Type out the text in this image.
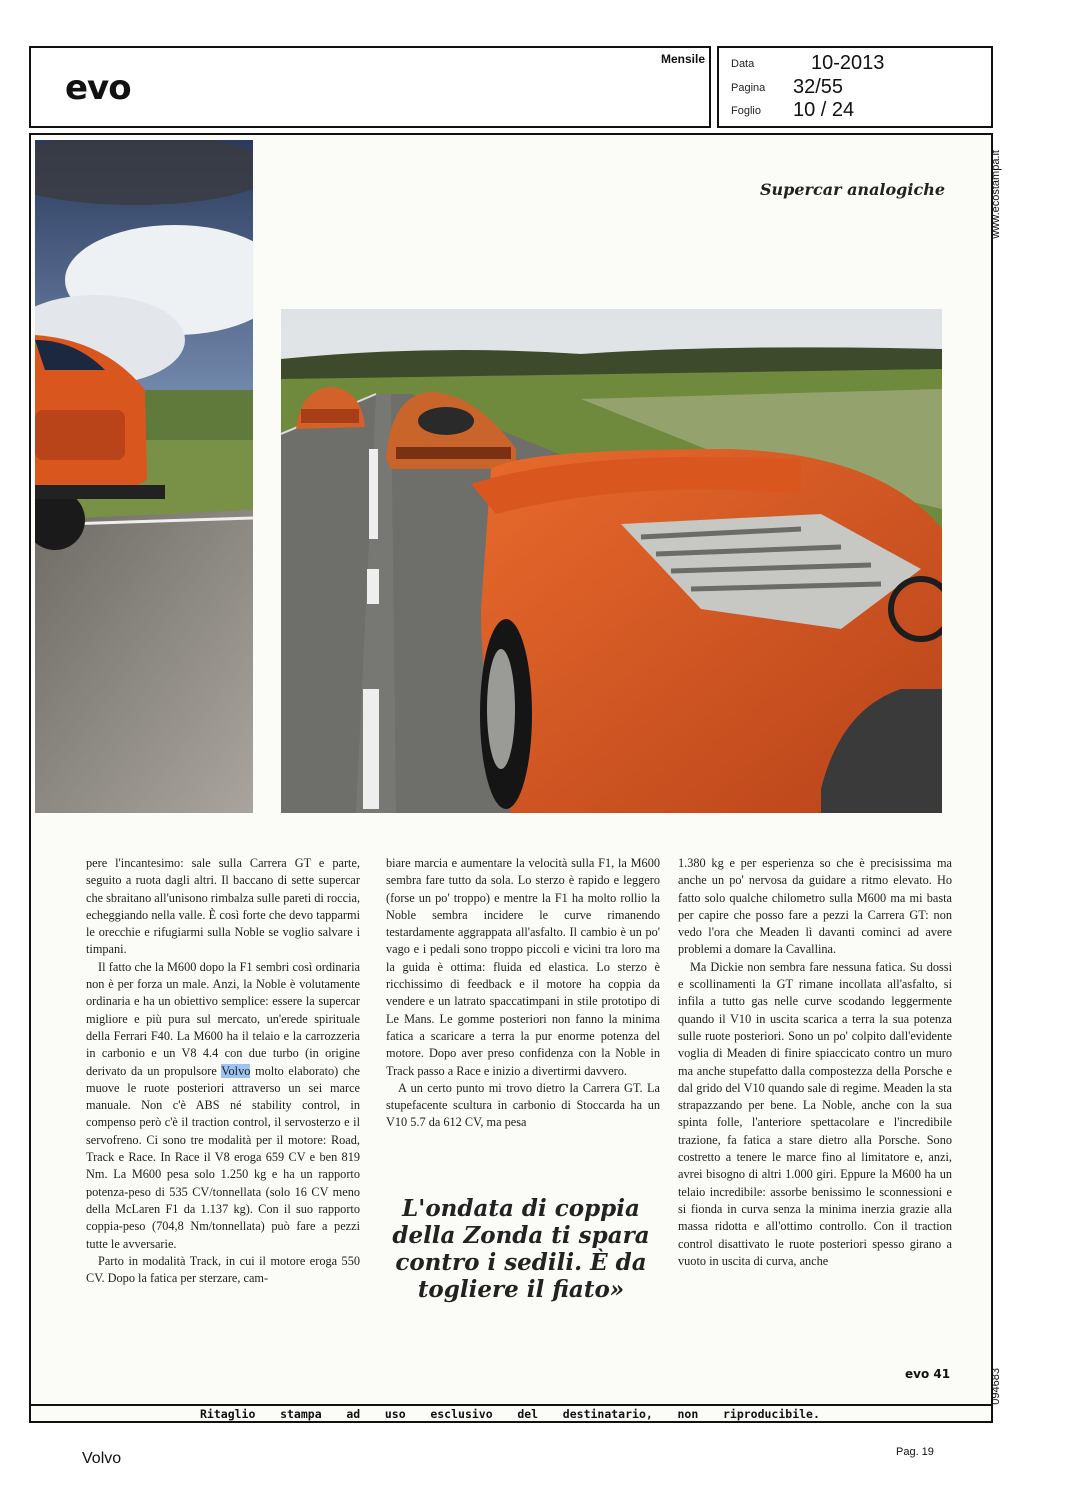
evo
Mensile Data	10-2013
Pagina	32/55
Foglio	10 / 24
www.ecostampa.it
094683
Supercar analogiche

pere l'incantesimo: sale sulla Carrera GT e parte, seguito a ruota dagli altri. Il baccano di sette supercar che sbraitano all'unisono rimbalza sulle pareti di roccia, echeggiando nella valle. È così forte che devo tapparmi le orecchie e rifugiarmi sulla Noble se voglio salvare i timpani.

Il fatto che la M600 dopo la F1 sembri così ordinaria non è per forza un male. Anzi, la Noble è volutamente ordinaria e ha un obiettivo semplice: essere la supercar migliore e più pura sul mercato, un'erede spirituale della Ferrari F40. La M600 ha il telaio e la carrozzeria in carbonio e un V8 4.4 con due turbo (in origine derivato da un propulsore Volvo molto elaborato) che muove le ruote posteriori attraverso un sei marce manuale. Non c'è ABS né stability control, in compenso però c'è il traction control, il servosterzo e il servofreno. Ci sono tre modalità per il motore: Road, Track e Race. In Race il V8 eroga 659 CV e ben 819 Nm. La M600 pesa solo 1.250 kg e ha un rapporto potenza-peso di 535 CV/tonnellata (solo 16 CV meno della McLaren F1 da 1.137 kg). Con il suo rapporto coppia-peso (704,8 Nm/tonnellata) può fare a pezzi tutte le avversarie.

Parto in modalità Track, in cui il motore eroga 550 CV. Dopo la fatica per sterzare, cam-

biare marcia e aumentare la velocità sulla F1, la M600 sembra fare tutto da sola. Lo sterzo è rapido e leggero (forse un po' troppo) e mentre la F1 ha molto rollio la Noble sembra incidere le curve rimanendo testardamente aggrappata all'asfalto. Il cambio è un po' vago e i pedali sono troppo piccoli e vicini tra loro ma la guida è ottima: fluida ed elastica. Lo sterzo è ricchissimo di feedback e il motore ha coppia da vendere e un latrato spaccatimpani in stile prototipo di Le Mans. Le gomme posteriori non fanno la minima fatica a scaricare a terra la pur enorme potenza del motore. Dopo aver preso confidenza con la Noble in Track passo a Race e inizio a divertirmi davvero.

A un certo punto mi trovo dietro la Carrera GT. La stupefacente scultura in carbonio di Stoccarda ha un V10 5.7 da 612 CV, ma pesa

L'ondata di coppia della Zonda ti spara contro i sedili. È da togliere il fiato»

1.380 kg e per esperienza so che è precisissima ma anche un po' nervosa da guidare a ritmo elevato. Ho fatto solo qualche chilometro sulla M600 ma mi basta per capire che posso fare a pezzi la Carrera GT: non vedo l'ora che Meaden lì davanti cominci ad avere problemi a domare la Cavallina.

Ma Dickie non sembra fare nessuna fatica. Su dossi e scollinamenti la GT rimane incollata all'asfalto, si infila a tutto gas nelle curve scodando leggermente quando il V10 in uscita scarica a terra la sua potenza sulle ruote posteriori. Sono un po' colpito dall'evidente voglia di Meaden di finire spiaccicato contro un muro ma anche stupefatto dalla compostezza della Porsche e dal grido del V10 quando sale di regime. Meaden la sta strapazzando per bene. La Noble, anche con la sua spinta folle, l'anteriore spettacolare e l'incredibile trazione, fa fatica a stare dietro alla Porsche. Sono costretto a tenere le marce fino al limitatore e, anzi, avrei bisogno di altri 1.000 giri. Eppure la M600 ha un telaio incredibile: assorbe benissimo le sconnessioni e si fionda in curva senza la minima inerzia grazie alla massa ridotta e all'ottimo controllo. Con il traction control disattivato le ruote posteriori spesso girano a vuoto in uscita di curva, anche

evo 41
Ritaglio stampa ad uso esclusivo del destinatario, non riproducibile.
Volvo	Pag. 19
